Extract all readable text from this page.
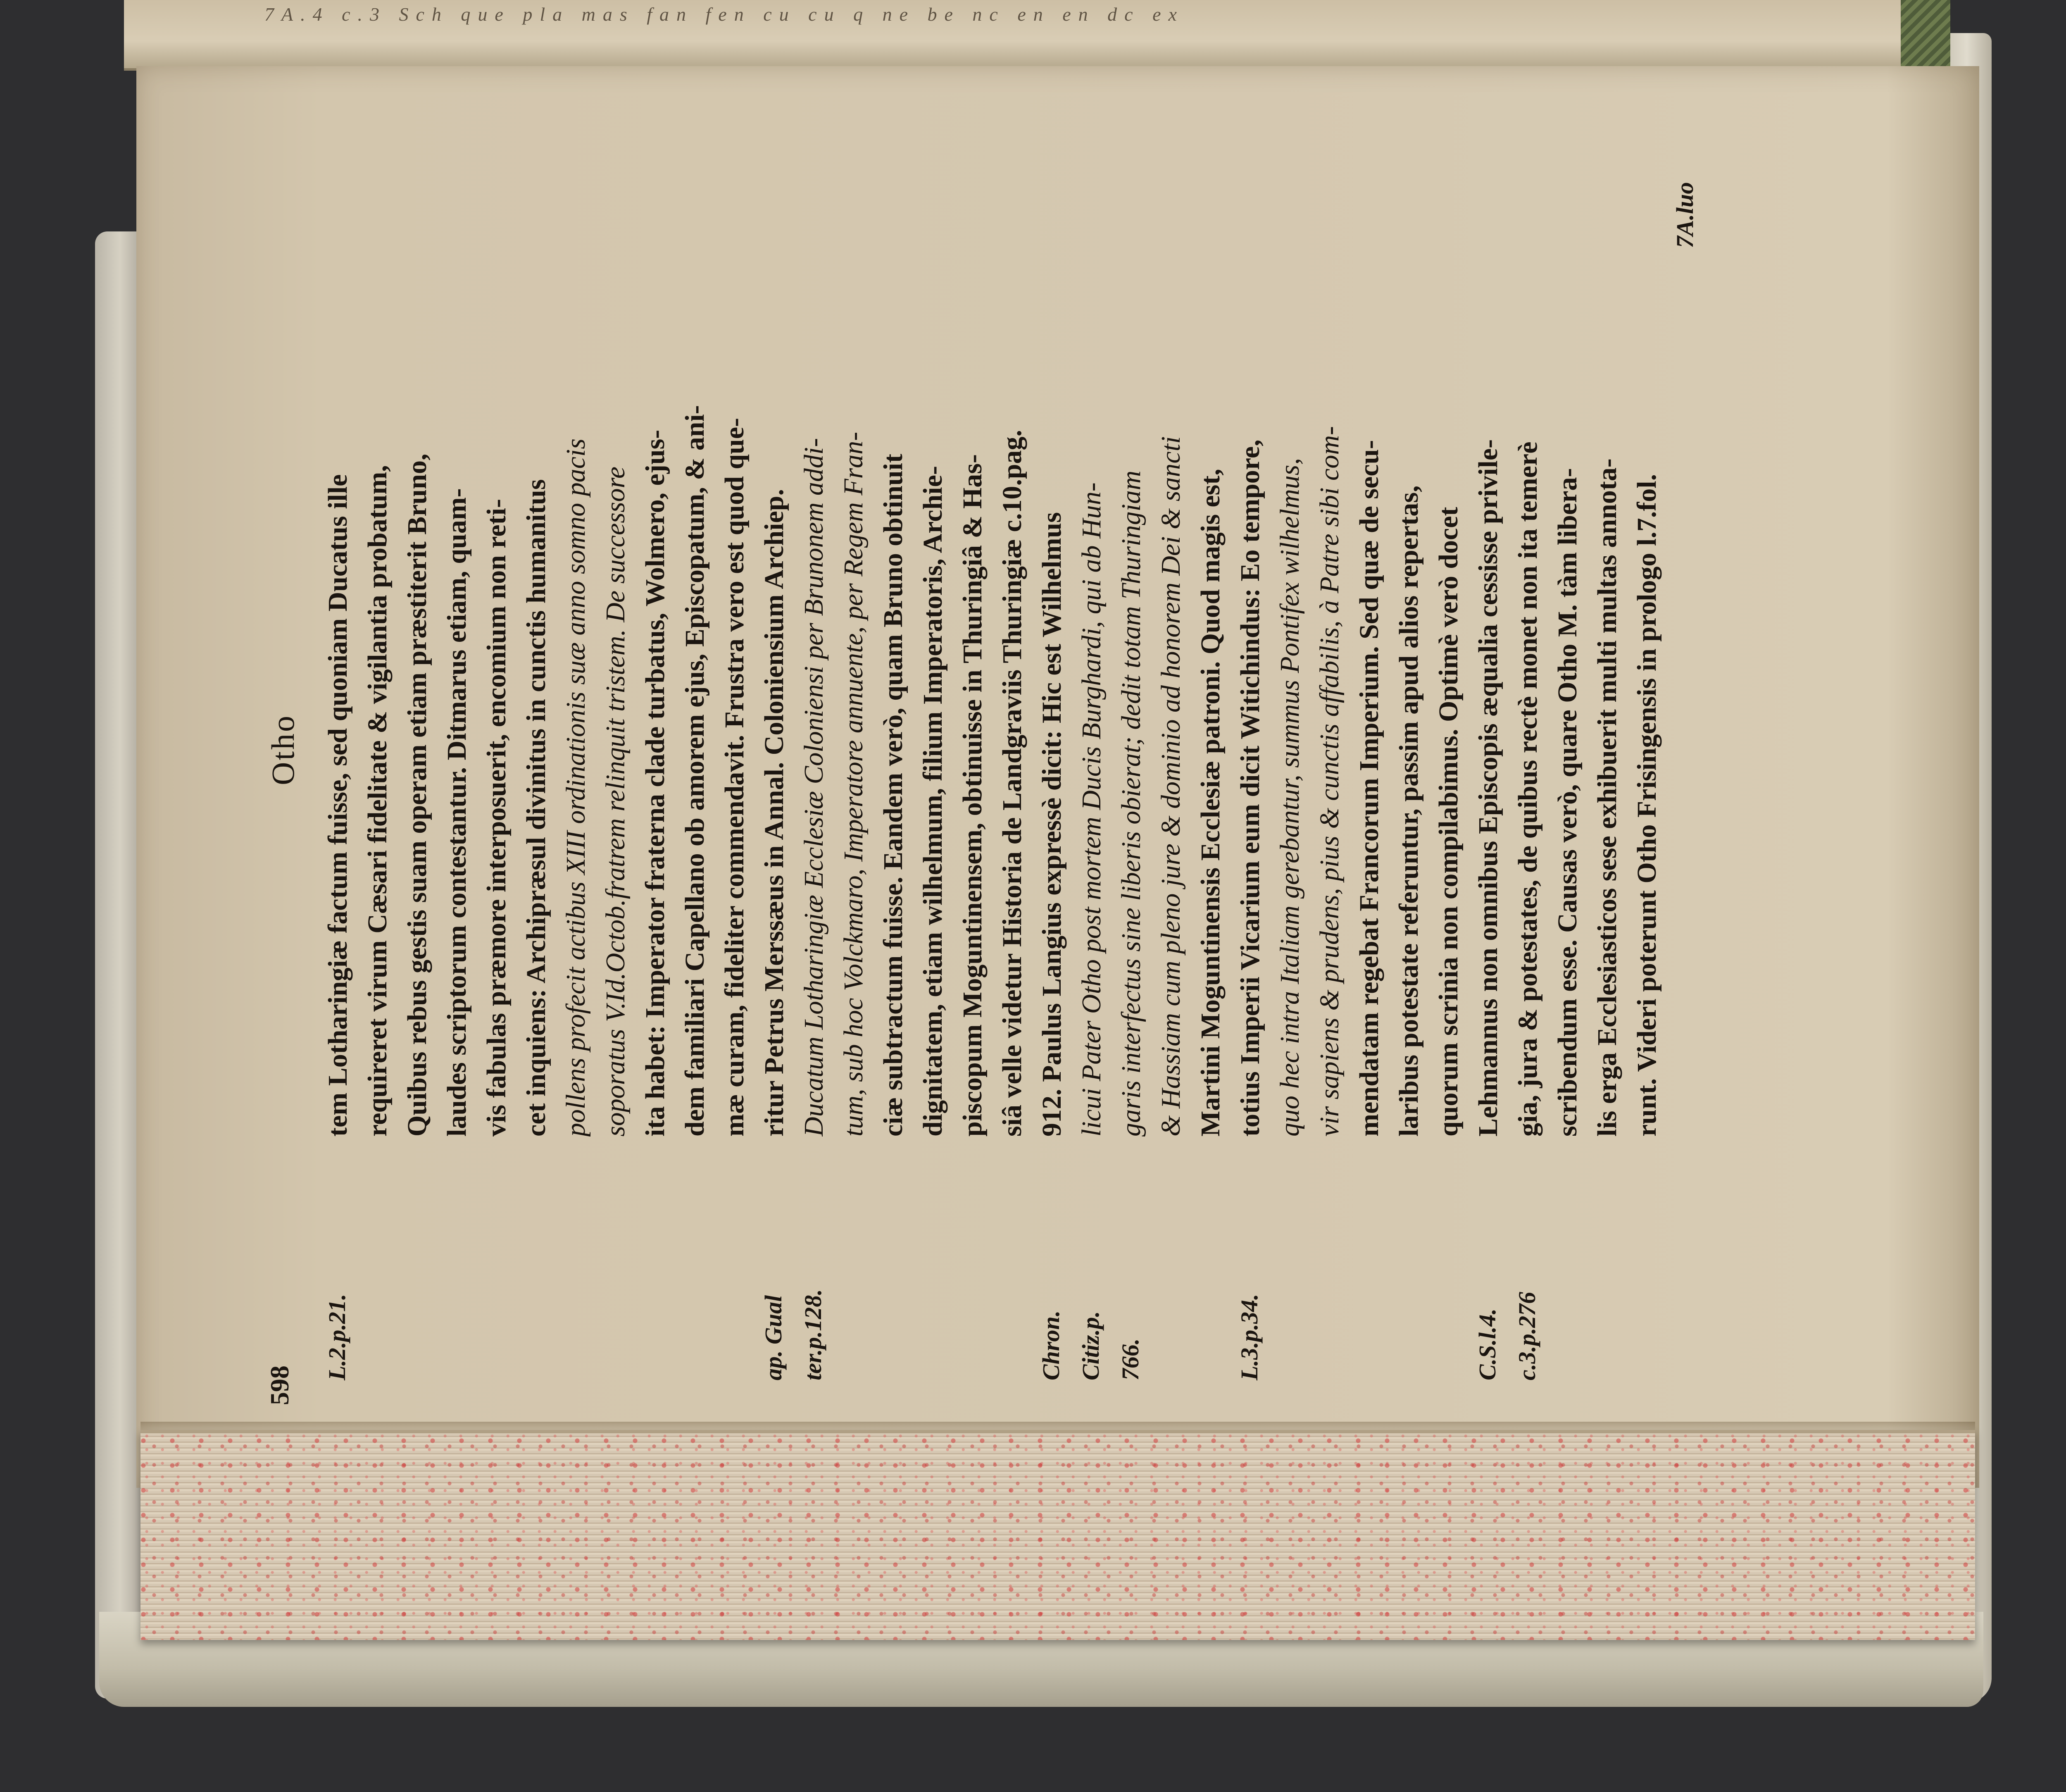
7A.4 c.3 Sch que pla mas fan fen cu cu q ne be nc en en dc ex
598
Otho tem Lotharingiæ factum fuisse, sed quoniam Ducatus ille requireret virum Cæsari fidelitate & vigilantia probatum, Quibus rebus gestis suam operam etiam præstiterit Bruno, laudes scriptorum contestantur. Ditmarus etiam, quam- vis fabulas præmore interposuerit, encomium non reti- cet inquiens: Archipræsul divinitus in cunctis humanitus pollens profecit actibus XIII ordinationis suæ anno somno pacis soporatus V.Id.Octob.fratrem relinquit tristem. De successore ita habet: Imperator fraterna clade turbatus, Wolmero, ejus- dem familiari Capellano ob amorem ejus, Episcopatum, & ani- mæ curam, fideliter commendavit. Frustra vero est quod que- ritur Petrus Merssæus in Annal. Coloniensium Archiep. Ducatum Lotharingiæ Ecclesiæ Coloniensi per Brunonem addi- tum, sub hoc Volckmaro, Imperatore annuente, per Regem Fran- ciæ subtractum fuisse. Eandem verò, quam Bruno obtinuit dignitatem, etiam wilhelmum, filium Imperatoris, Archie- piscopum Moguntinensem, obtinuisse in Thuringiâ & Has- siâ velle videtur Historia de Landgraviis Thuringiæ c.10.pag. 912. Paulus Langius expressè dicit: Hic est Wilhelmus licui Pater Otho post mortem Ducis Burghardi, qui ab Hun- garis interfectus sine liberis obierat; dedit totam Thuringiam & Hassiam cum pleno jure & dominio ad honorem Dei & sancti Martini Moguntinensis Ecclesiæ patroni. Quod magis est, totius Imperii Vicarium eum dicit Witichindus: Eo tempore, quo hec intra Italiam gerebantur, summus Pontifex wilhelmus, vir sapiens & prudens, pius & cunctis affabilis, à Patre sibi com- mendatam regebat Francorum Imperium. Sed quæ de secu- laribus potestate referuntur, passim apud alios repertas, quorum scrinia non compilabimus. Optimè verò docet Lehmannus non omnibus Episcopis æqualia cessisse privile- gia, jura & potestates, de quibus rectè monet non ita temerè scribendum esse. Causas verò, quare Otho M. tàm libera- lis erga Ecclesiasticos sese exhibuerit multi multas annota- runt. Videri poterunt Otho Frisingensis in prologo l.7.fol.
L.2.p.21.	ap. Gual ter.p.128.	Chron. Citiz.p. 766.	L.3.p.34.	C.S.l.4. c.3.p.276
7A.luo
